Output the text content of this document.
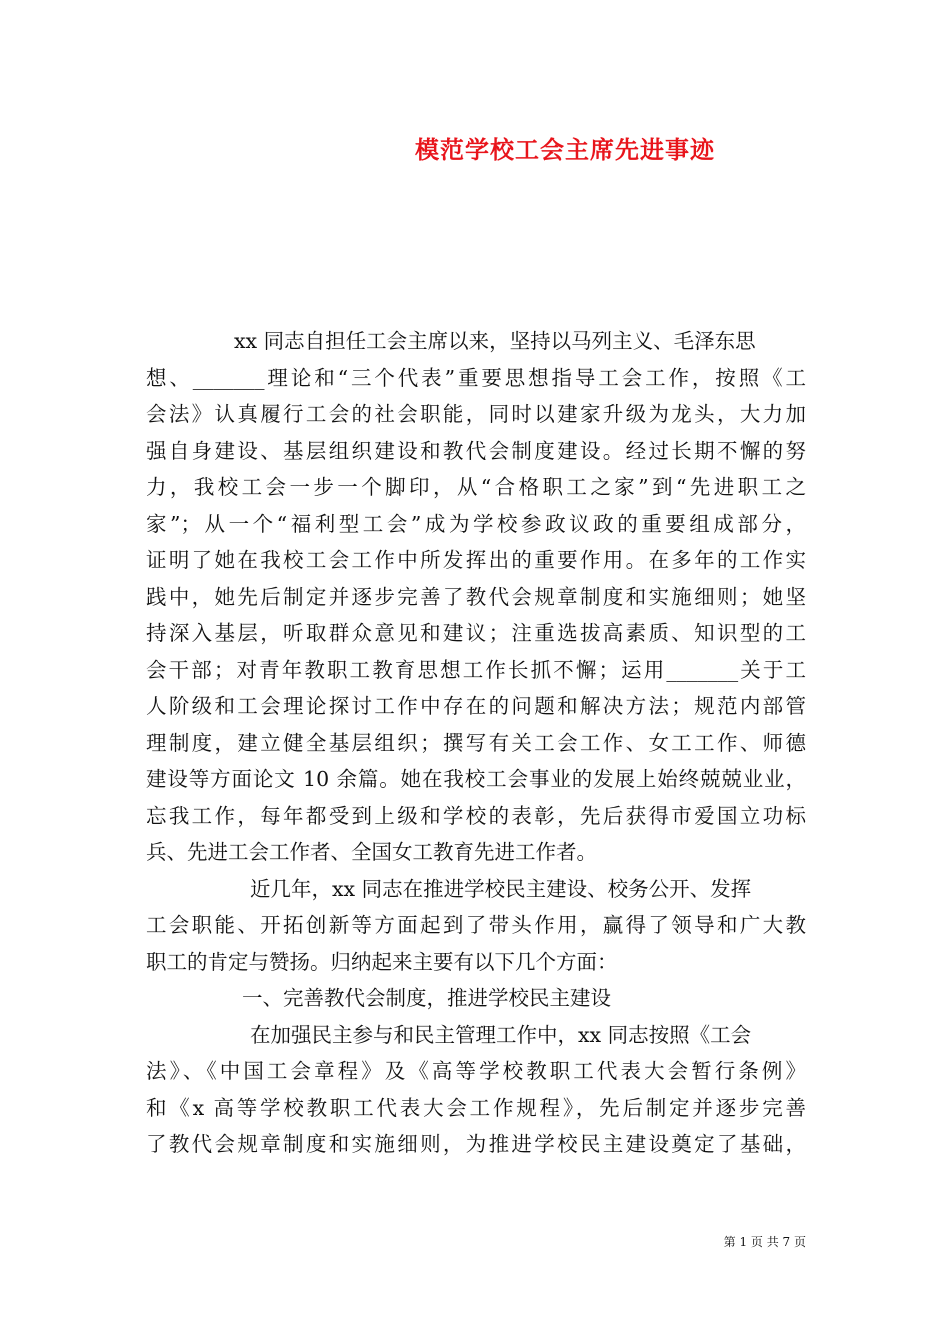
模范学校工会主席先进事迹
xx 同志自担任工会主席以来，坚持以马列主义、毛泽东思
想、_______理论和“三个代表”重要思想指导工会工作，按照《工
会法》认真履行工会的社会职能，同时以建家升级为龙头，大力加
强自身建设、基层组织建设和教代会制度建设。经过长期不懈的努
力，我校工会一步一个脚印，从“合格职工之家”到“先进职工之
家”；从一个“福利型工会”成为学校参政议政的重要组成部分，
证明了她在我校工会工作中所发挥出的重要作用。在多年的工作实
践中，她先后制定并逐步完善了教代会规章制度和实施细则；她坚
持深入基层，听取群众意见和建议；注重选拔高素质、知识型的工
会干部；对青年教职工教育思想工作长抓不懈；运用_______关于工
人阶级和工会理论探讨工作中存在的问题和解决方法；规范内部管
理制度，建立健全基层组织；撰写有关工会工作、女工工作、师德
建设等方面论文 10 余篇。她在我校工会事业的发展上始终兢兢业业，
忘我工作，每年都受到上级和学校的表彰，先后获得市爱国立功标
兵、先进工会工作者、全国女工教育先进工作者。
近几年，xx 同志在推进学校民主建设、校务公开、发挥
工会职能、开拓创新等方面起到了带头作用，赢得了领导和广大教
职工的肯定与赞扬。归纳起来主要有以下几个方面：
一、完善教代会制度，推进学校民主建设
在加强民主参与和民主管理工作中，xx 同志按照《工会
法》、《中国工会章程》及《高等学校教职工代表大会暂行条例》
和《x 高等学校教职工代表大会工作规程》，先后制定并逐步完善
了教代会规章制度和实施细则，为推进学校民主建设奠定了基础，
第 1 页 共 7 页
